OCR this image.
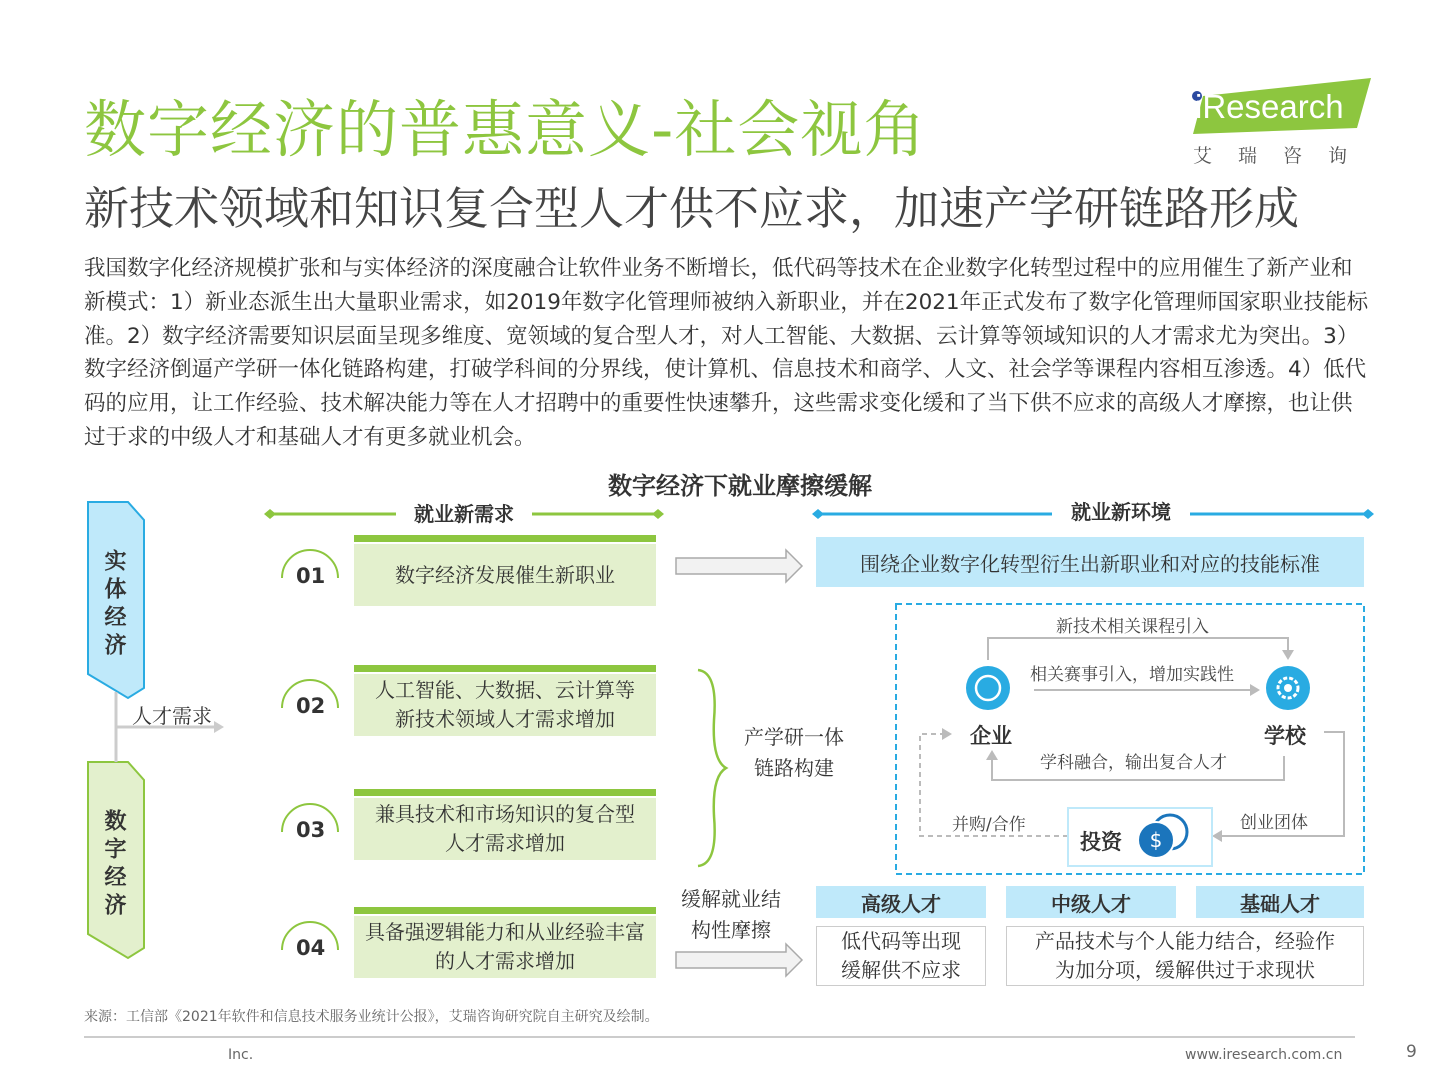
数字经济的普惠意义-社会视角
新技术领域和知识复合型人才供不应求，加速产学研链路形成
iResearch
艾瑞咨询
我国数字化经济规模扩张和与实体经济的深度融合让软件业务不断增长，低代码等技术在企业数字化转型过程中的应用催生了新产业和新模式：1）新业态派生出大量职业需求，如2019年数字化管理师被纳入新职业，并在2021年正式发布了数字化管理师国家职业技能标准。2）数字经济需要知识层面呈现多维度、宽领域的复合型人才，对人工智能、大数据、云计算等领域知识的人才需求尤为突出。3）数字经济倒逼产学研一体化链路构建，打破学科间的分界线，使计算机、信息技术和商学、人文、社会学等课程内容相互渗透。4）低代码的应用，让工作经验、技术解决能力等在人才招聘中的重要性快速攀升，这些需求变化缓和了当下供不应求的高级人才摩擦，也让供过于求的中级人才和基础人才有更多就业机会。
数字经济下就业摩擦缓解
$
实体经济
数字经济
人才需求
就业新需求	就业新环境
01	数字经济发展催生新职业
02
人工智能、大数据、云计算等新技术领域人才需求增加
03
兼具技术和市场知识的复合型人才需求增加
04
具备强逻辑能力和从业经验丰富的人才需求增加
围绕企业数字化转型衍生出新职业和对应的技能标准
产学研一体链路构建
缓解就业结构性摩擦
新技术相关课程引入
相关赛事引入，增加实践性
企业	学校
学科融合，输出复合人才
并购/合作	创业团体
投资
高级人才	中级人才	基础人才
低代码等出现缓解供不应求
产品技术与个人能力结合，经验作为加分项，缓解供过于求现状
来源：工信部《2021年软件和信息技术服务业统计公报》，艾瑞咨询研究院自主研究及绘制。
Inc.	www.iresearch.com.cn	9
